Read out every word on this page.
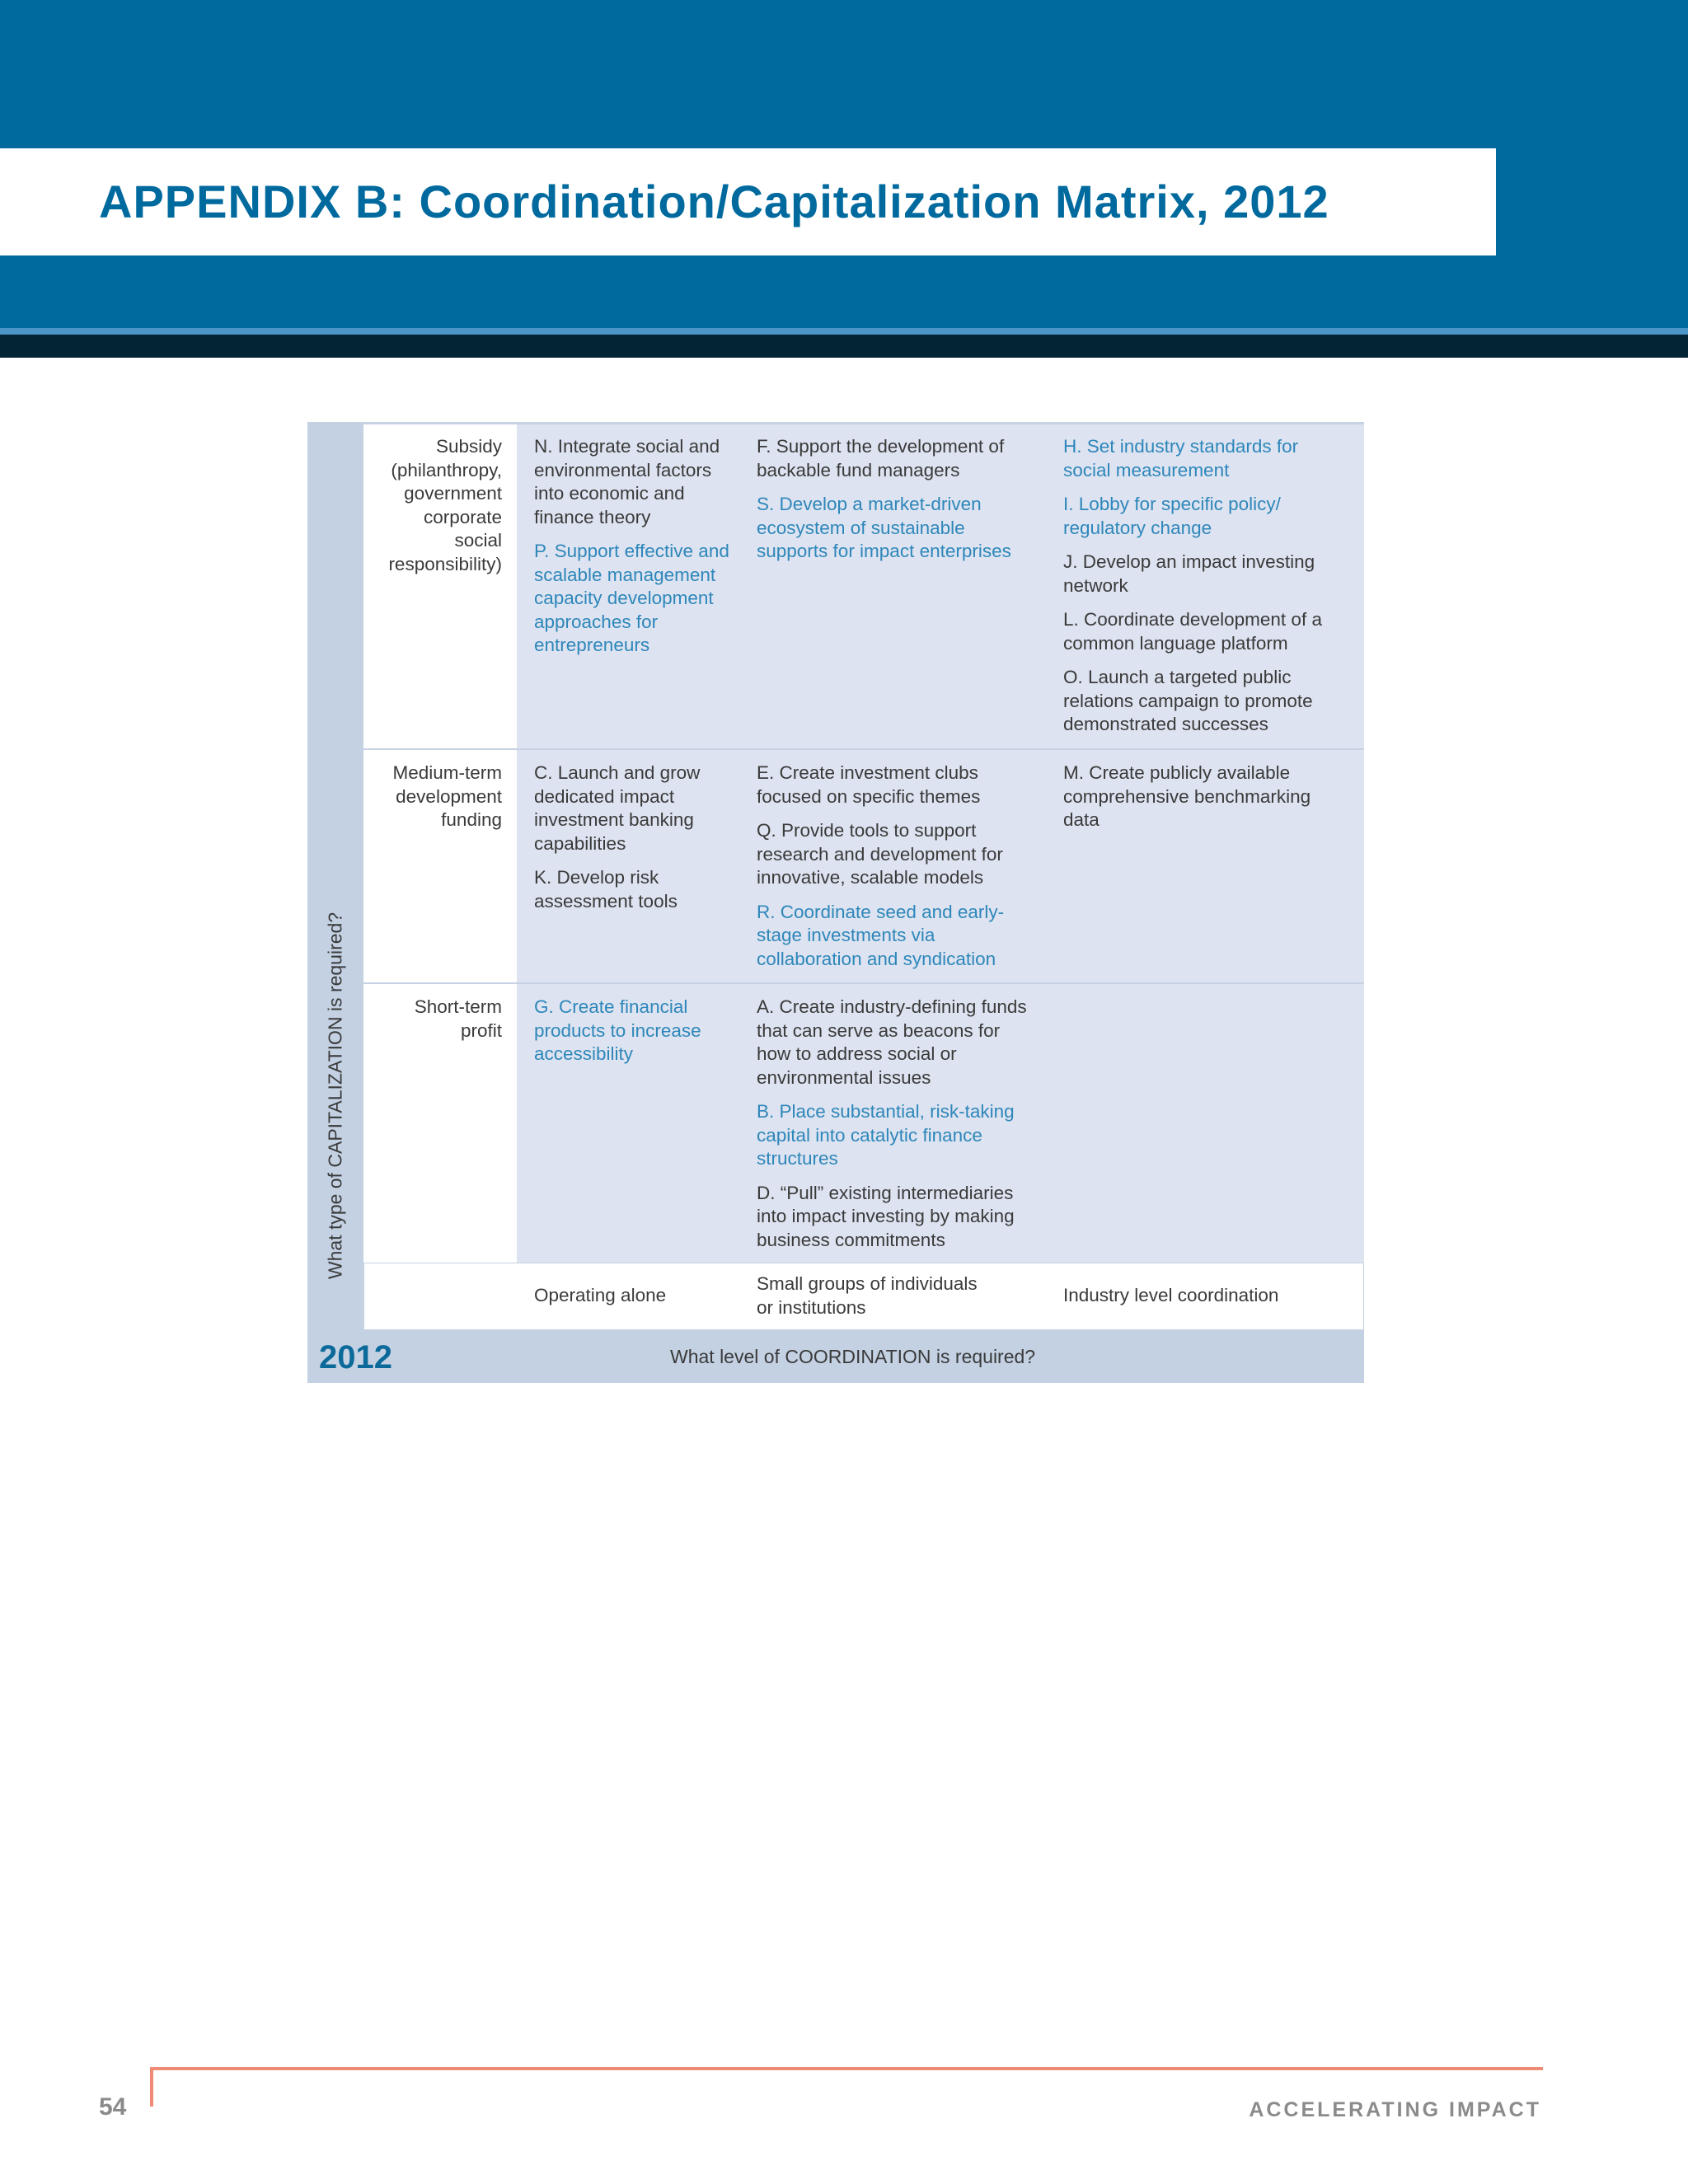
APPENDIX B: Coordination/Capitalization Matrix, 2012
What type of CAPITALIZATION is required?
Subsidy
(philanthropy,
government
corporate
social
responsibility)
Medium-term
development
funding
Short-term
profit

N. Integrate social and environmental factors into economic and finance theory

P. Support effective and scalable management capacity development approaches for entrepreneurs

F. Support the development of backable fund managers

S. Develop a market-driven ecosystem of sustainable supports for impact enterprises

H. Set industry standards for social measurement

I. Lobby for specific policy/ regulatory change

J. Develop an impact investing network

L. Coordinate development of a common language platform

O. Launch a targeted public relations campaign to promote demonstrated successes

C. Launch and grow dedicated impact investment banking capabilities

K. Develop risk assessment tools

E. Create investment clubs focused on specific themes

Q. Provide tools to support research and development for innovative, scalable models

R. Coordinate seed and early-stage investments via collaboration and syndication

M. Create publicly available comprehensive benchmarking data

G. Create financial products to increase accessibility

A. Create industry-defining funds that can serve as beacons for how to address social or environmental issues

B. Place substantial, risk-taking capital into catalytic finance structures

D. “Pull” existing intermediaries into impact investing by making business commitments

Operating alone
Small groups of individuals
or institutions
Industry level coordination
2012	What level of COORDINATION is required?
54	ACCELERATING IMPACT
